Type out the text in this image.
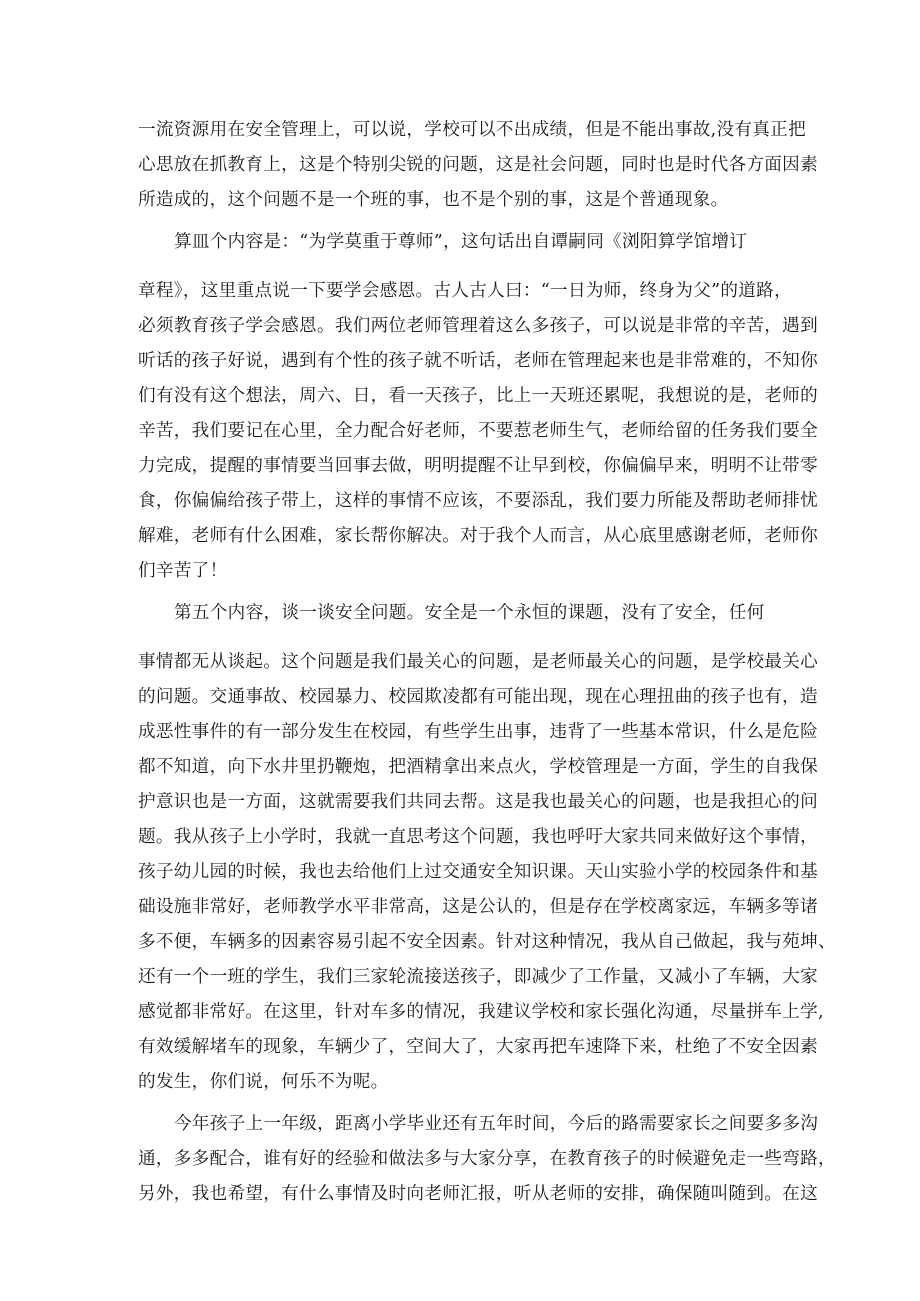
一流资源用在安全管理上，可以说，学校可以不出成绩，但是不能出事故,没有真正把
心思放在抓教育上，这是个特别尖锐的问题，这是社会问题，同时也是时代各方面因素
所造成的，这个问题不是一个班的事，也不是个别的事，这是个普通现象。
算皿个内容是：“为学莫重于尊师”，这句话出自谭嗣同《浏阳算学馆增订
章程》，这里重点说一下要学会感恩。古人古人曰：“一日为师，终身为父”的道路，
必须教育孩子学会感恩。我们两位老师管理着这么多孩子，可以说是非常的辛苦，遇到
听话的孩子好说，遇到有个性的孩子就不听话，老师在管理起来也是非常难的，不知你
们有没有这个想法，周六、日，看一天孩子，比上一天班还累呢，我想说的是，老师的
辛苦，我们要记在心里，全力配合好老师，不要惹老师生气，老师给留的任务我们要全
力完成，提醒的事情要当回事去做，明明提醒不让早到校，你偏偏早来，明明不让带零
食，你偏偏给孩子带上，这样的事情不应该，不要添乱，我们要力所能及帮助老师排忧
解难，老师有什么困难，家长帮你解决。对于我个人而言，从心底里感谢老师，老师你
们辛苦了！
第五个内容，谈一谈安全问题。安全是一个永恒的课题，没有了安全，任何
事情都无从谈起。这个问题是我们最关心的问题，是老师最关心的问题，是学校最关心
的问题。交通事故、校园暴力、校园欺凌都有可能出现，现在心理扭曲的孩子也有，造
成恶性事件的有一部分发生在校园，有些学生出事，违背了一些基本常识，什么是危险
都不知道，向下水井里扔鞭炮，把酒精拿出来点火，学校管理是一方面，学生的自我保
护意识也是一方面，这就需要我们共同去帮。这是我也最关心的问题，也是我担心的问
题。我从孩子上小学时，我就一直思考这个问题，我也呼吁大家共同来做好这个事情，
孩子幼儿园的时候，我也去给他们上过交通安全知识课。天山实验小学的校园条件和基
础设施非常好，老师教学水平非常高，这是公认的，但是存在学校离家远，车辆多等诸
多不便，车辆多的因素容易引起不安全因素。针对这种情况，我从自己做起，我与苑坤、
还有一个一班的学生，我们三家轮流接送孩子，即减少了工作量，又减小了车辆，大家
感觉都非常好。在这里，针对车多的情况，我建议学校和家长强化沟通，尽量拼车上学,
有效缓解堵车的现象，车辆少了，空间大了，大家再把车速降下来，杜绝了不安全因素
的发生，你们说，何乐不为呢。
今年孩子上一年级，距离小学毕业还有五年时间，今后的路需要家长之间要多多沟
通，多多配合，谁有好的经验和做法多与大家分享，在教育孩子的时候避免走一些弯路，
另外，我也希望，有什么事情及时向老师汇报，听从老师的安排，确保随叫随到。在这
